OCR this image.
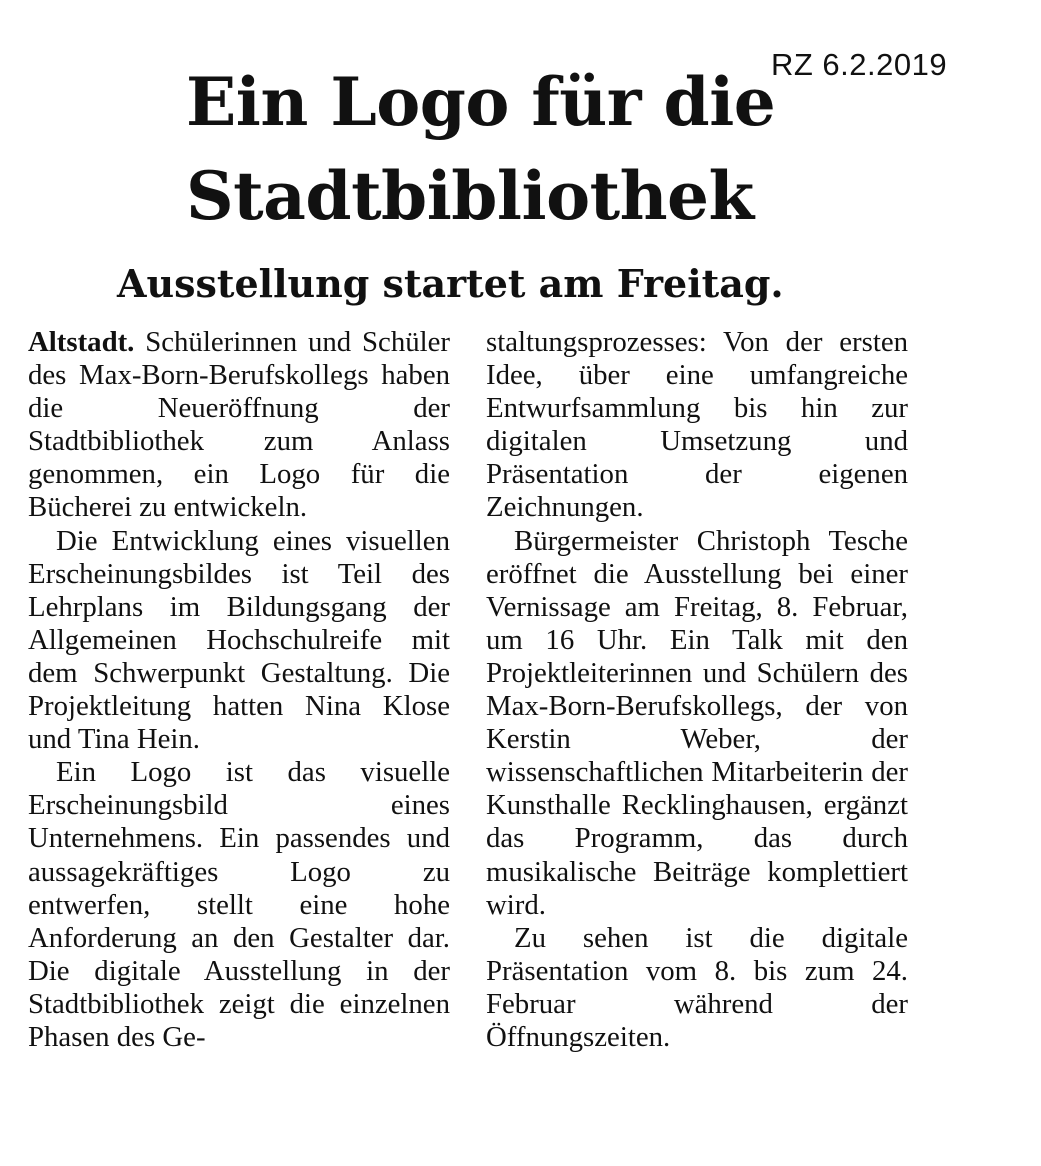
RZ 6.2.2019
Ein Logo für die
Stadtbibliothek
Ausstellung startet am Freitag.

Altstadt. Schülerinnen und Schüler des Max-Born-Berufskollegs haben die Neueröffnung der Stadtbibliothek zum Anlass genommen, ein Logo für die Bücherei zu entwickeln.

Die Entwicklung eines visuellen Erscheinungsbildes ist Teil des Lehrplans im Bildungsgang der Allgemeinen Hochschulreife mit dem Schwerpunkt Gestaltung. Die Projektleitung hatten Nina Klose und Tina Hein.

Ein Logo ist das visuelle Erscheinungsbild eines Unternehmens. Ein passendes und aussagekräftiges Logo zu entwerfen, stellt eine hohe Anforderung an den Gestalter dar. Die digitale Ausstellung in der Stadtbibliothek zeigt die einzelnen Phasen des Ge-

staltungsprozesses: Von der ersten Idee, über eine umfangreiche Entwurfsammlung bis hin zur digitalen Umsetzung und Präsentation der eigenen Zeichnungen.

Bürgermeister Christoph Tesche eröffnet die Ausstellung bei einer Vernissage am Freitag, 8. Februar, um 16 Uhr. Ein Talk mit den Projektleiterinnen und Schülern des Max-Born-Berufskollegs, der von Kerstin Weber, der wissenschaftlichen Mitarbeiterin der Kunsthalle Recklinghausen, ergänzt das Programm, das durch musikalische Beiträge komplettiert wird.

Zu sehen ist die digitale Präsentation vom 8. bis zum 24. Februar während der Öffnungszeiten.
